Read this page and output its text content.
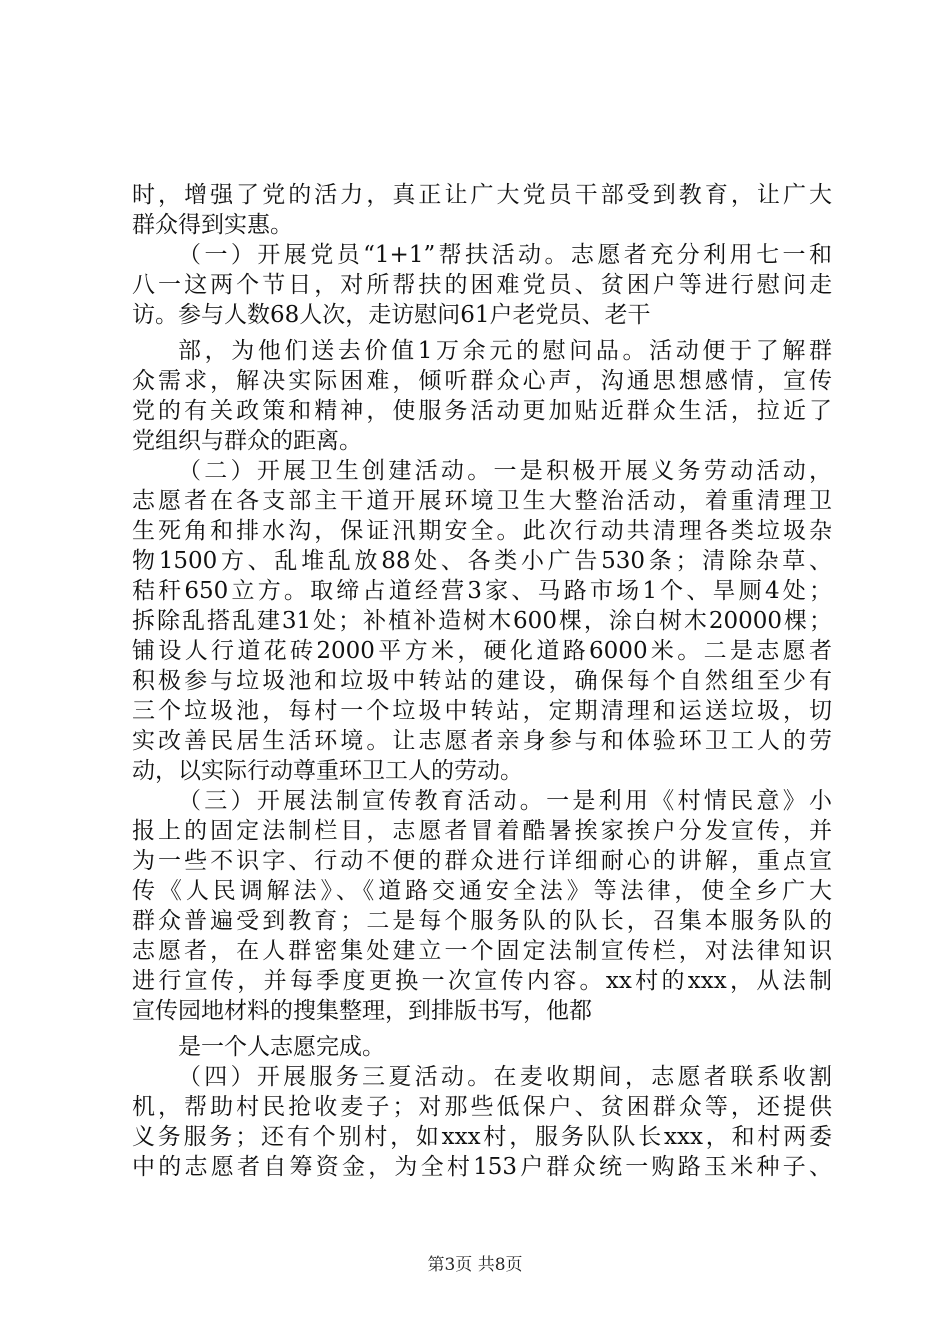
时，增强了党的活力，真正让广大党员干部受到教育，让广大
群众得到实惠。
（一）开展党员“1+1”帮扶活动。志愿者充分利用七一和
八一这两个节日，对所帮扶的困难党员、贫困户等进行慰问走
访。参与人数68人次，走访慰问61户老党员、老干
部，为他们送去价值1万余元的慰问品。活动便于了解群
众需求，解决实际困难，倾听群众心声，沟通思想感情，宣传
党的有关政策和精神，使服务活动更加贴近群众生活，拉近了
党组织与群众的距离。
（二）开展卫生创建活动。一是积极开展义务劳动活动，
志愿者在各支部主干道开展环境卫生大整治活动，着重清理卫
生死角和排水沟，保证汛期安全。此次行动共清理各类垃圾杂
物1500方、乱堆乱放88处、各类小广告530条；清除杂草、
秸秆650立方。取缔占道经营3家、马路市场1个、旱厕4处；
拆除乱搭乱建31处；补植补造树木600棵，涂白树木20000棵；
铺设人行道花砖2000平方米，硬化道路6000米。二是志愿者
积极参与垃圾池和垃圾中转站的建设，确保每个自然组至少有
三个垃圾池，每村一个垃圾中转站，定期清理和运送垃圾，切
实改善民居生活环境。让志愿者亲身参与和体验环卫工人的劳
动，以实际行动尊重环卫工人的劳动。
（三）开展法制宣传教育活动。一是利用《村情民意》小
报上的固定法制栏目，志愿者冒着酷暑挨家挨户分发宣传，并
为一些不识字、行动不便的群众进行详细耐心的讲解，重点宣
传《人民调解法》、《道路交通安全法》等法律，使全乡广大
群众普遍受到教育；二是每个服务队的队长，召集本服务队的
志愿者，在人群密集处建立一个固定法制宣传栏，对法律知识
进行宣传，并每季度更换一次宣传内容。xx村的xxx，从法制
宣传园地材料的搜集整理，到排版书写，他都
是一个人志愿完成。
（四）开展服务三夏活动。在麦收期间，志愿者联系收割
机，帮助村民抢收麦子；对那些低保户、贫困群众等，还提供
义务服务；还有个别村，如xxx村，服务队队长xxx，和村两委
中的志愿者自筹资金，为全村153户群众统一购路玉米种子、
第3页 共8页
